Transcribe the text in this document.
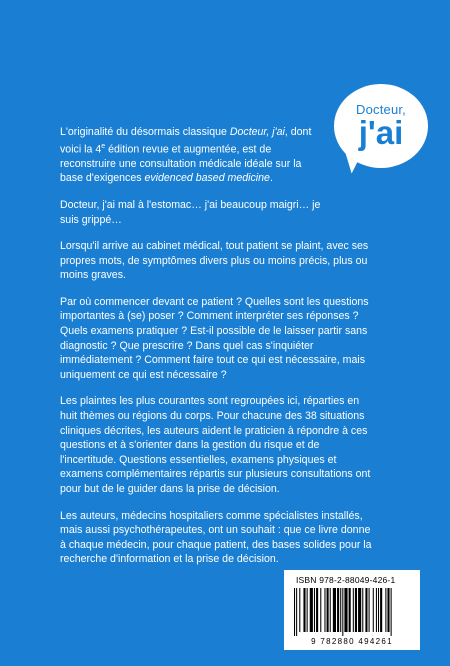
Docteur,
j'ai

L'originalité du désormais classique Docteur, j'ai, dont voici la 4e édition revue et augmentée, est de reconstruire une consultation médicale idéale sur la base d'exigences evidenced based medicine.

Docteur, j'ai mal à l'estomac… j'ai beaucoup maigri… je suis grippé…

Lorsqu'il arrive au cabinet médical, tout patient se plaint, avec ses propres mots, de symptômes divers plus ou moins précis, plus ou moins graves.

Par où commencer devant ce patient ? Quelles sont les questions importantes à (se) poser ? Comment interpréter ses réponses ? Quels examens pratiquer ? Est-il possible de le laisser partir sans diagnostic ? Que prescrire ? Dans quel cas s'inquiéter immédiatement ? Comment faire tout ce qui est nécessaire, mais uniquement ce qui est nécessaire ?

Les plaintes les plus courantes sont regroupées ici, réparties en huit thèmes ou régions du corps. Pour chacune des 38 situations cliniques décrites, les auteurs aident le praticien à répondre à ces questions et à s'orienter dans la gestion du risque et de l'incertitude. Questions essentielles, examens physiques et examens complémentaires répartis sur plusieurs consultations ont pour but de le guider dans la prise de décision.

Les auteurs, médecins hospitaliers comme spécialistes installés, mais aussi psychothérapeutes, ont un souhait : que ce livre donne à chaque médecin, pour chaque patient, des bases solides pour la recherche d'information et la prise de décision.

ISBN 978-2-88049-426-1
9 782880 494261
